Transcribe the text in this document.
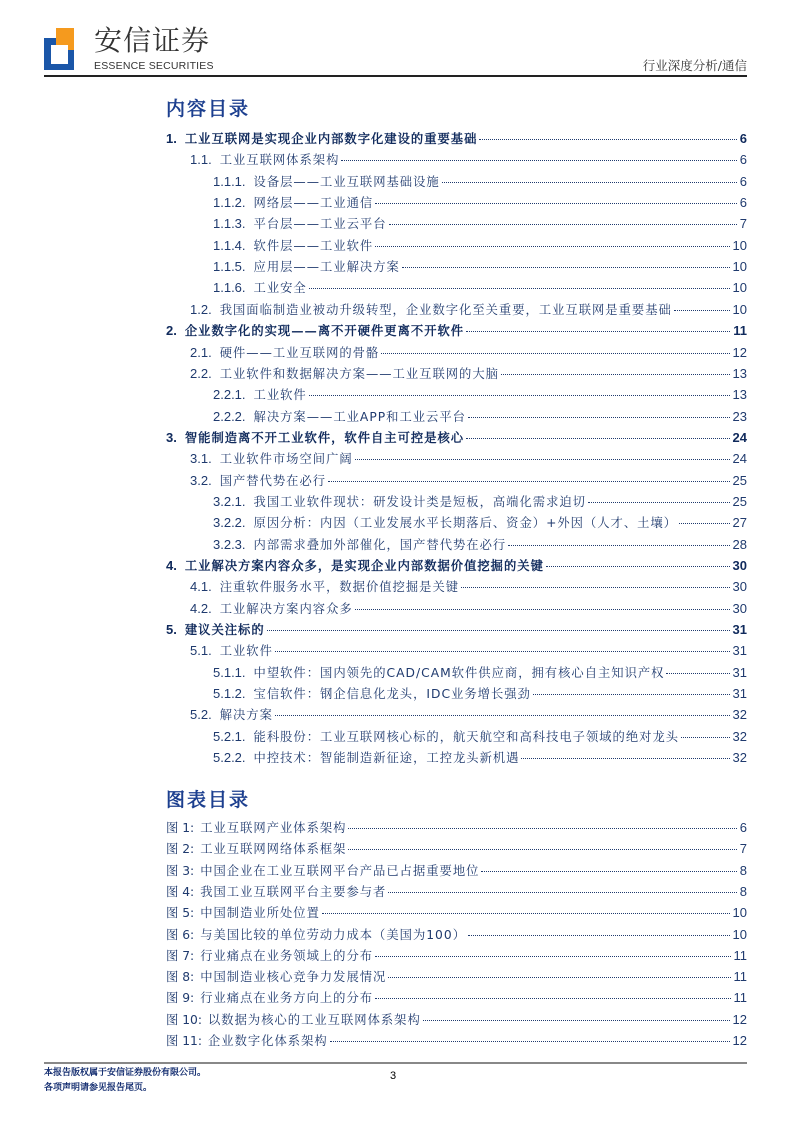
安信证券
ESSENCE SECURITIES	行业深度分析/通信
内容目录
1. 工业互联网是实现企业内部数字化建设的重要基础	6
1.1. 工业互联网体系架构	6
1.1.1. 设备层——工业互联网基础设施	6
1.1.2. 网络层——工业通信	6
1.1.3. 平台层——工业云平台	7
1.1.4. 软件层——工业软件	10
1.1.5. 应用层——工业解决方案	10
1.1.6. 工业安全	10
1.2. 我国面临制造业被动升级转型，企业数字化至关重要，工业互联网是重要基础	10
2. 企业数字化的实现——离不开硬件更离不开软件	11
2.1. 硬件——工业互联网的骨骼	12
2.2. 工业软件和数据解决方案——工业互联网的大脑	13
2.2.1. 工业软件	13
2.2.2. 解决方案——工业APP和工业云平台	23
3. 智能制造离不开工业软件，软件自主可控是核心	24
3.1. 工业软件市场空间广阔	24
3.2. 国产替代势在必行	25
3.2.1. 我国工业软件现状：研发设计类是短板，高端化需求迫切	25
3.2.2. 原因分析：内因（工业发展水平长期落后、资金）+外因（人才、土壤）	27
3.2.3. 内部需求叠加外部催化，国产替代势在必行	28
4. 工业解决方案内容众多，是实现企业内部数据价值挖掘的关键	30
4.1. 注重软件服务水平，数据价值挖掘是关键	30
4.2. 工业解决方案内容众多	30
5. 建议关注标的	31
5.1. 工业软件	31
5.1.1. 中望软件：国内领先的CAD/CAM软件供应商，拥有核心自主知识产权	31
5.1.2. 宝信软件：钢企信息化龙头，IDC业务增长强劲	31
5.2. 解决方案	32
5.2.1. 能科股份：工业互联网核心标的，航天航空和高科技电子领域的绝对龙头	32
5.2.2. 中控技术：智能制造新征途，工控龙头新机遇	32
图表目录
图 1: 工业互联网产业体系架构	6
图 2: 工业互联网网络体系框架	7
图 3: 中国企业在工业互联网平台产品已占据重要地位	8
图 4: 我国工业互联网平台主要参与者	8
图 5: 中国制造业所处位置	10
图 6: 与美国比较的单位劳动力成本（美国为100）	10
图 7: 行业痛点在业务领域上的分布	11
图 8: 中国制造业核心竞争力发展情况	11
图 9: 行业痛点在业务方向上的分布	11
图 10: 以数据为核心的工业互联网体系架构	12
图 11: 企业数字化体系架构	12
本报告版权属于安信证券股份有限公司。
各项声明请参见报告尾页。
3
